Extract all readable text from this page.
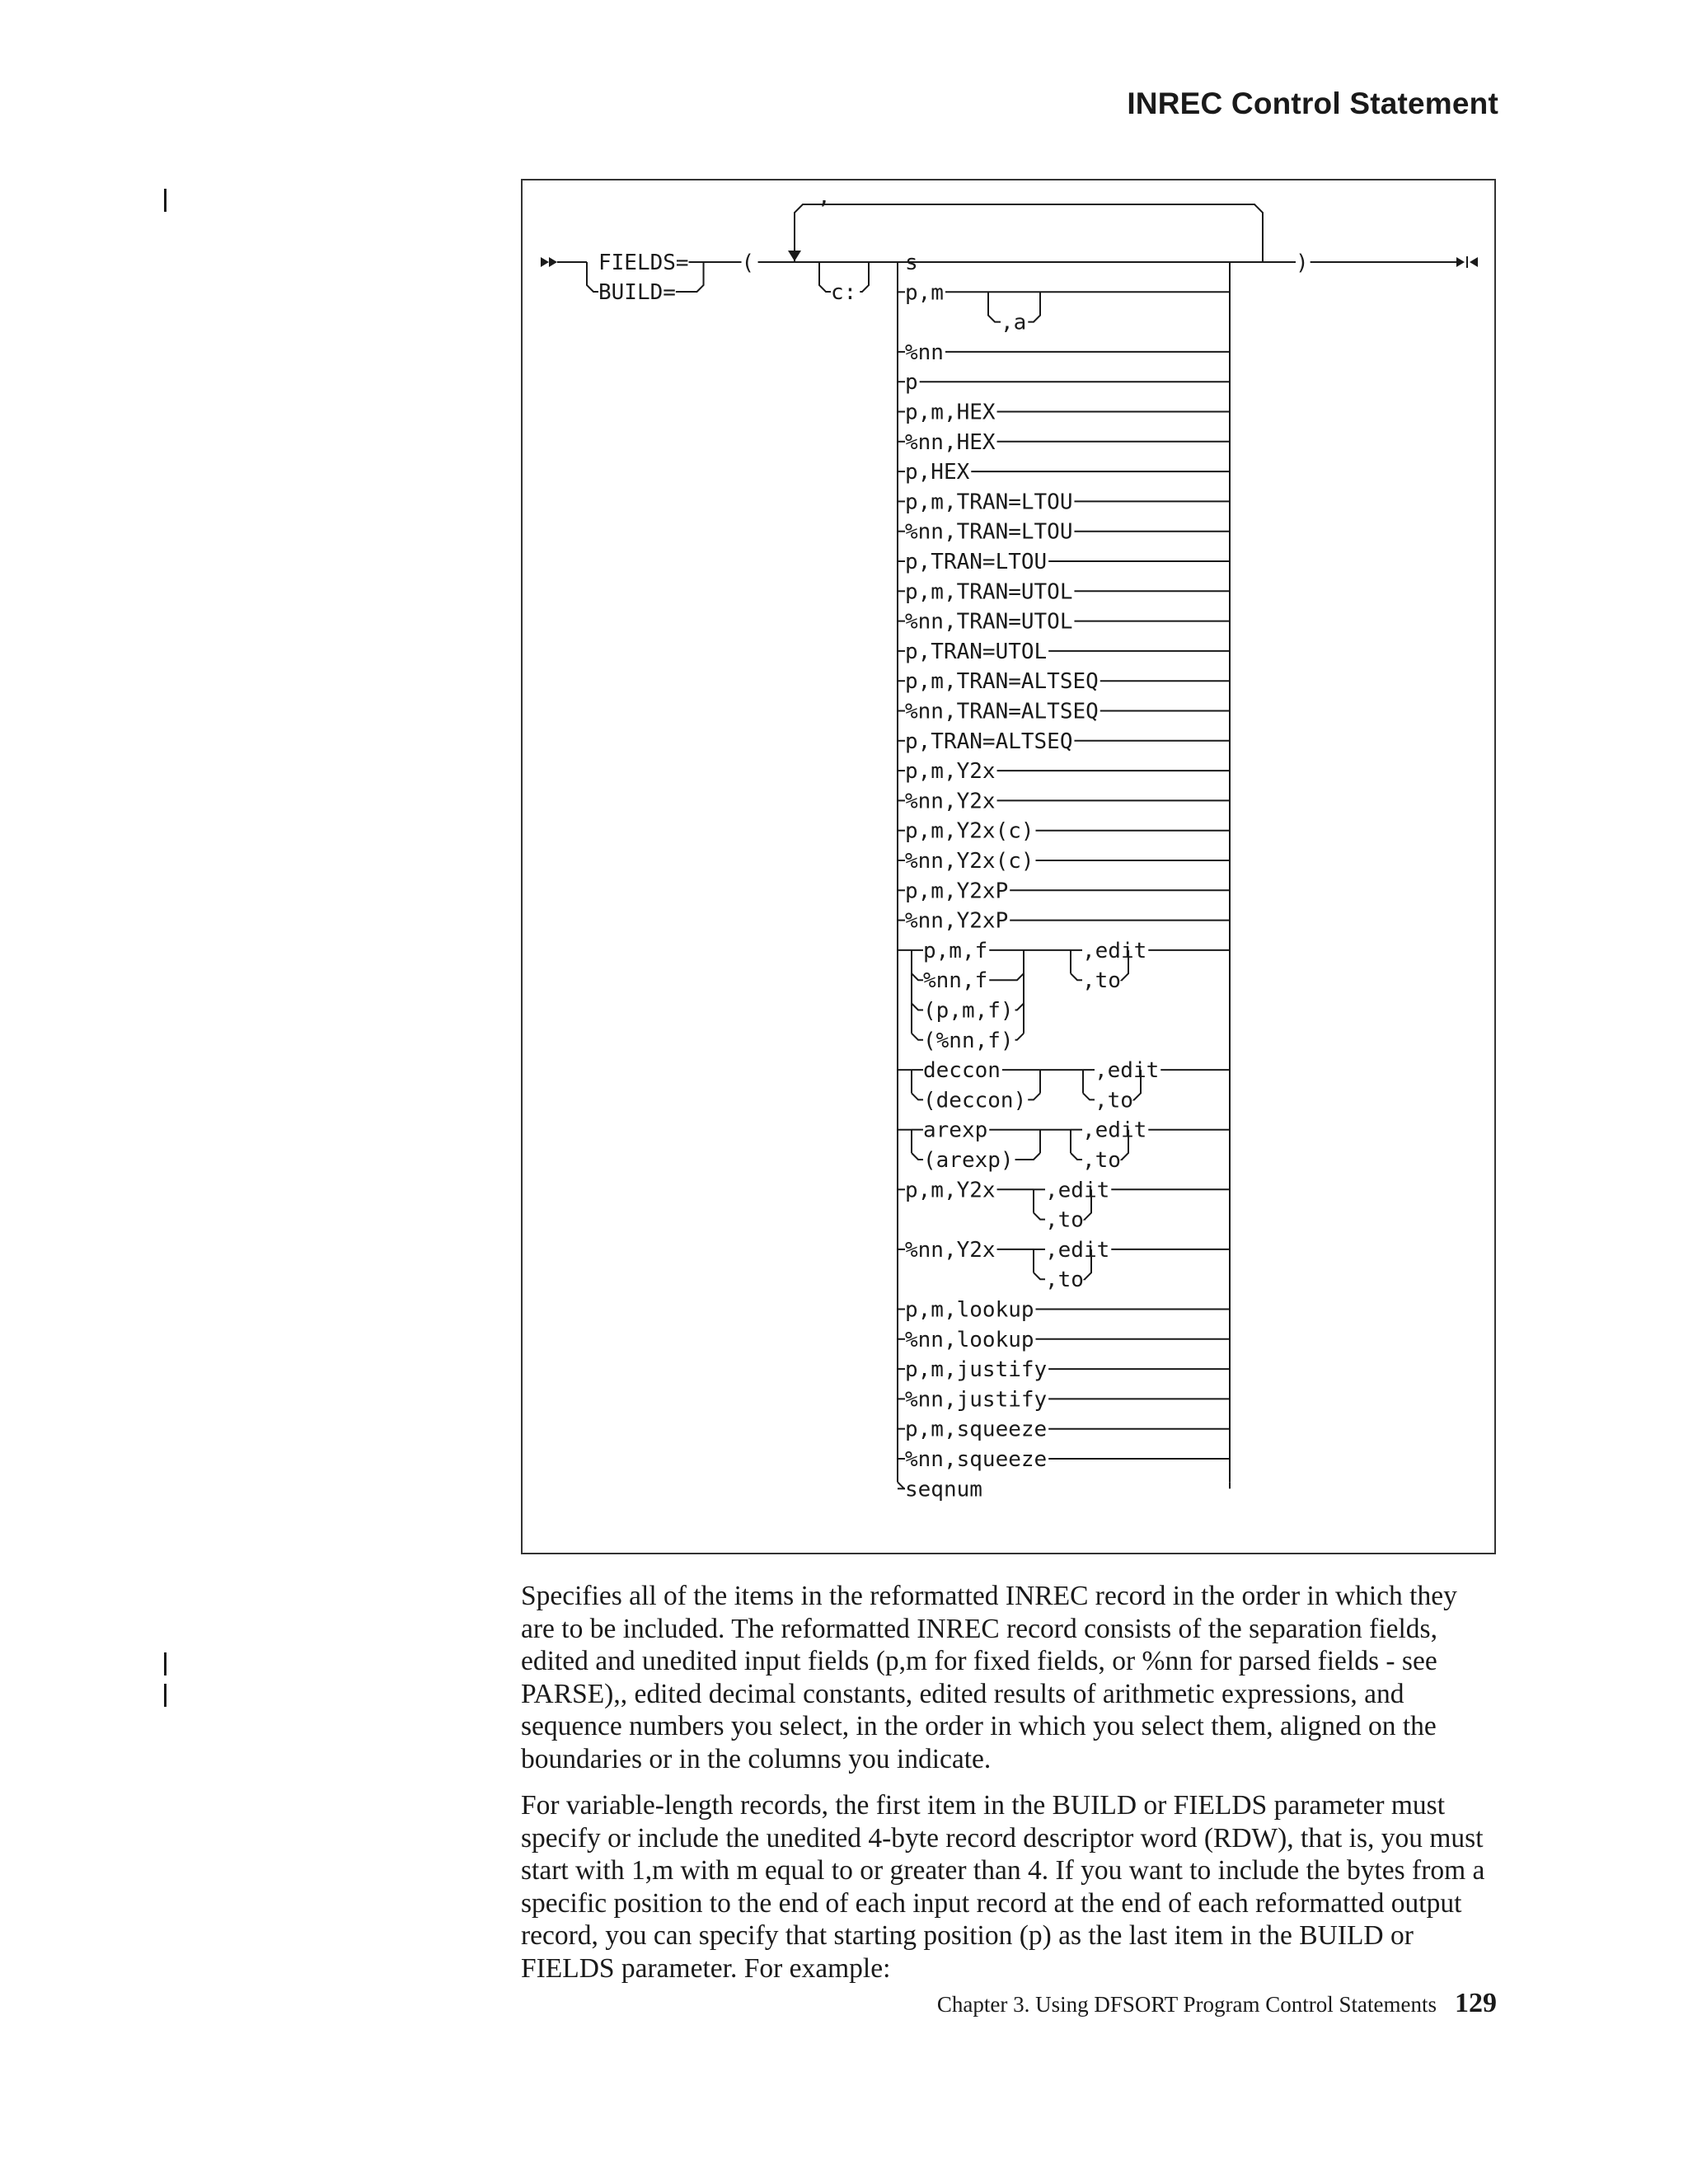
INREC Control Statement
FIELDS=
BUILD=
(
,
c:
)
s
p,m
%nn
p
p,m,HEX
%nn,HEX
p,HEX
p,m,TRAN=LTOU
%nn,TRAN=LTOU
p,TRAN=LTOU
p,m,TRAN=UTOL
%nn,TRAN=UTOL
p,TRAN=UTOL
p,m,TRAN=ALTSEQ
%nn,TRAN=ALTSEQ
p,TRAN=ALTSEQ
p,m,Y2x
%nn,Y2x
p,m,Y2x(c)
%nn,Y2x(c)
p,m,Y2xP
%nn,Y2xP
p,m,lookup
%nn,lookup
p,m,justify
%nn,justify
p,m,squeeze
%nn,squeeze
seqnum
,a
p,m,f
%nn,f
(p,m,f)
(%nn,f)
,edit
,to
deccon
(deccon)
,edit
,to
arexp
(arexp)
,edit
,to
p,m,Y2x ,edit
,to
%nn,Y2x ,edit
,to
Specifies all of the items in the reformatted INREC record in the order in which they are to be included. The reformatted INREC record consists of the separation fields, edited and unedited input fields (p,m for fixed fields, or %nn for parsed fields - see PARSE),, edited decimal constants, edited results of arithmetic expressions, and sequence numbers you select, in the order in which you select them, aligned on the boundaries or in the columns you indicate.
For variable-length records, the first item in the BUILD or FIELDS parameter must specify or include the unedited 4-byte record descriptor word (RDW), that is, you must start with 1,m with m equal to or greater than 4. If you want to include the bytes from a specific position to the end of each input record at the end of each reformatted output record, you can specify that starting position (p) as the last item in the BUILD or FIELDS parameter. For example:
Chapter 3. Using DFSORT Program Control Statements 129
